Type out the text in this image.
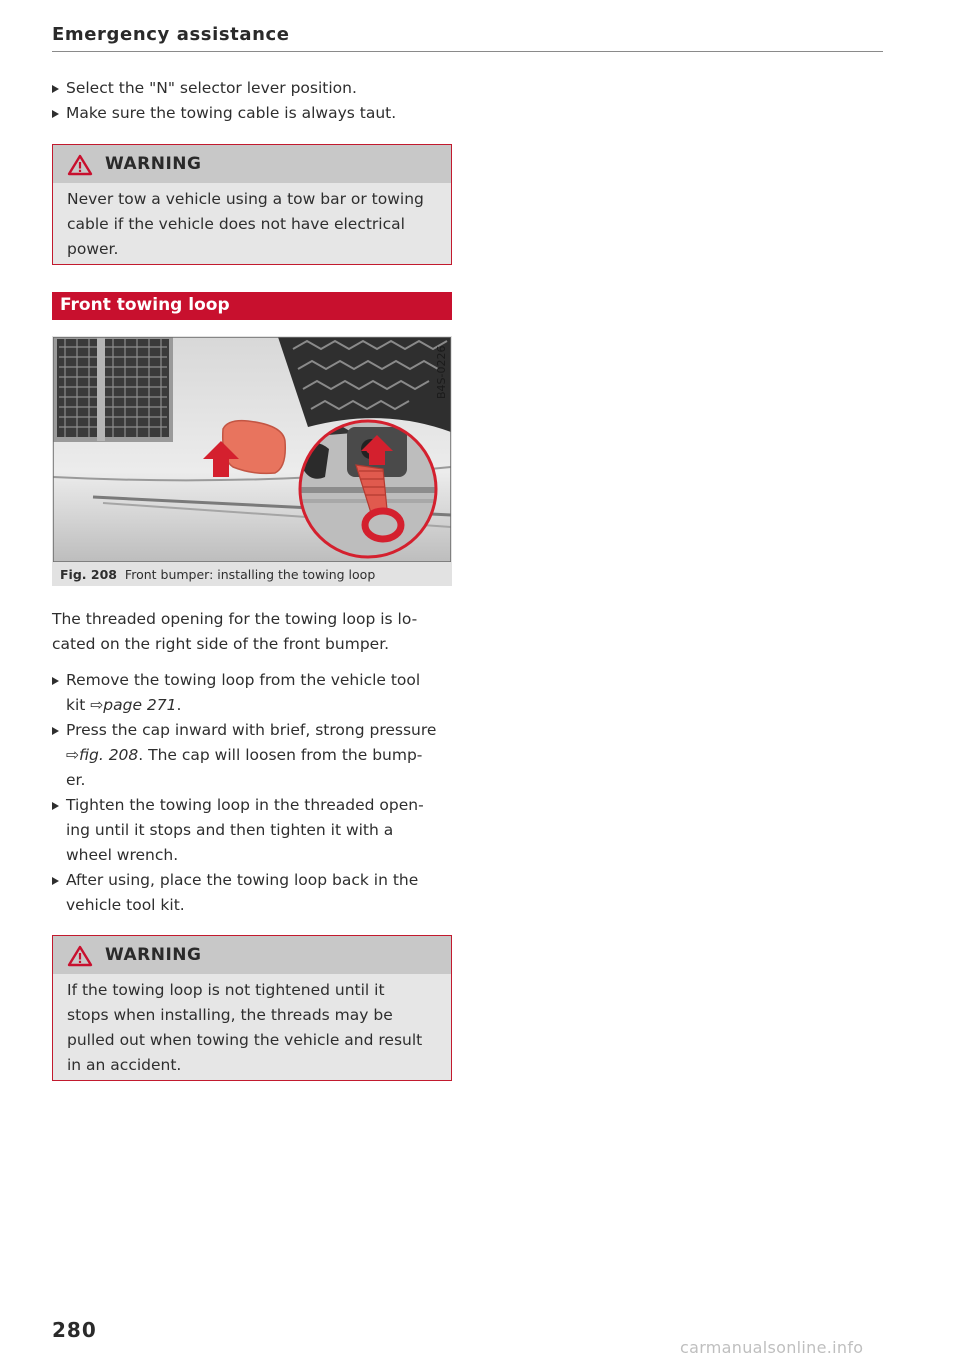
Emergency assistance
Select the "N" selector lever position.
Make sure the towing cable is always taut.
WARNING
Never tow a vehicle using a tow bar or towing
cable if the vehicle does not have electrical
power.
Front towing loop
B4S-0226
Fig. 208 Front bumper: installing the towing loop
The threaded opening for the towing loop is lo-
cated on the right side of the front bumper.
Remove the towing loop from the vehicle tool
kit ⇨page 271.
Press the cap inward with brief, strong pressure
⇨fig. 208. The cap will loosen from the bump-
er.
Tighten the towing loop in the threaded open-
ing until it stops and then tighten it with a
wheel wrench.
After using, place the towing loop back in the
vehicle tool kit.
WARNING
If the towing loop is not tightened until it
stops when installing, the threads may be
pulled out when towing the vehicle and result
in an accident.
280
carmanualsonline.info
